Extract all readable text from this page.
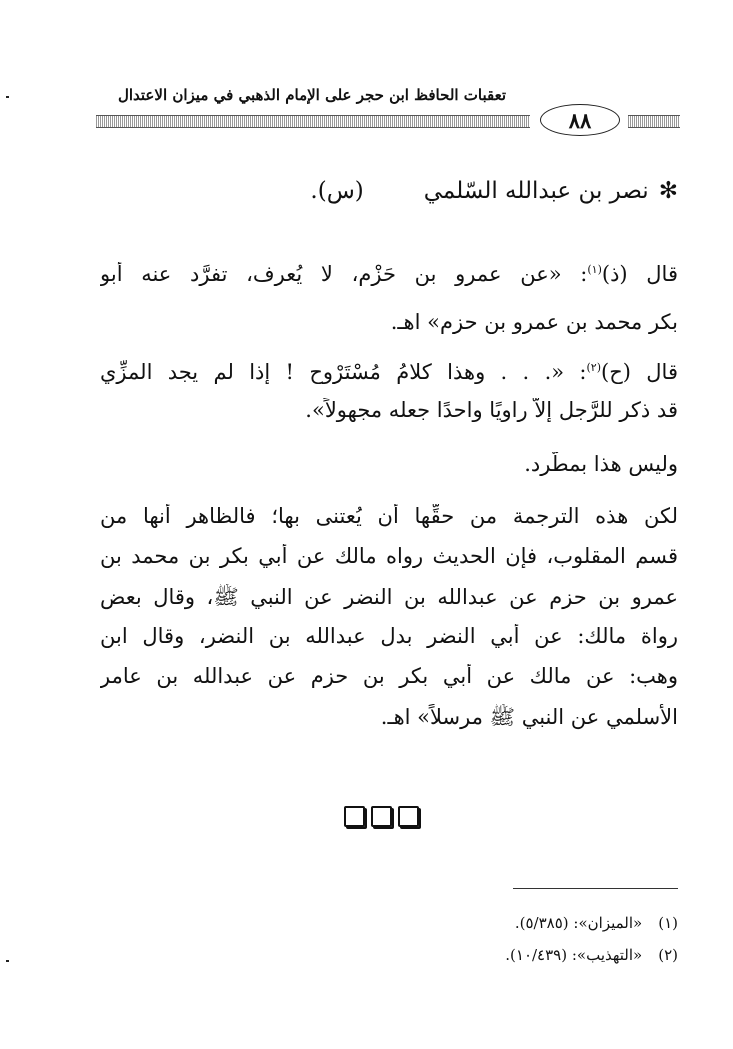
تعقبات الحافظ ابن حجر على الإمام الذهبي في ميزان الاعتدال
٨٨
✻نصر بن عبدالله السّلمي(س).
قال (ذ)$^{(١)}$: «عن عمرو بن حَزْم، لا يُعرف، تفرَّد عنه أَبو
بكر محمد بن عمرو بن حزم» اهـ.
قال (ح)$^{(٢)}$: «. . . وهذا كلامُ مُسْتَرْوِحٍ ! إذا لم يجد المزِّي
قد ذكر للرَّجل إلاّ راويًا واحدًا جعله مجهولاً».
وليس هذا بمطَّرِد.
لكن هذه الترجمة من حقِّها أن يُعتنى بها؛ فالظاهر أَنها من
قسم المقلوب، فإن الحديث رواه مالك عن أبي بكر بن محمد بن
عمرو بن حزم عن عبدالله بن النضر عن النبي ﷺ، وقال بعض
رواة مالك: عن أبي النضر بدل عبدالله بن النضر، وقال ابن
وهب: عن مالك عن أَبي بكر بن حزم عن عبدالله بن عامر
الأَسلمي عن النبي ﷺ مرسلاً» اهـ.
(١)«الميزان»: (٥/٣٨٥).
(٢)«التهذيب»: (١٠/٤٣٩).
